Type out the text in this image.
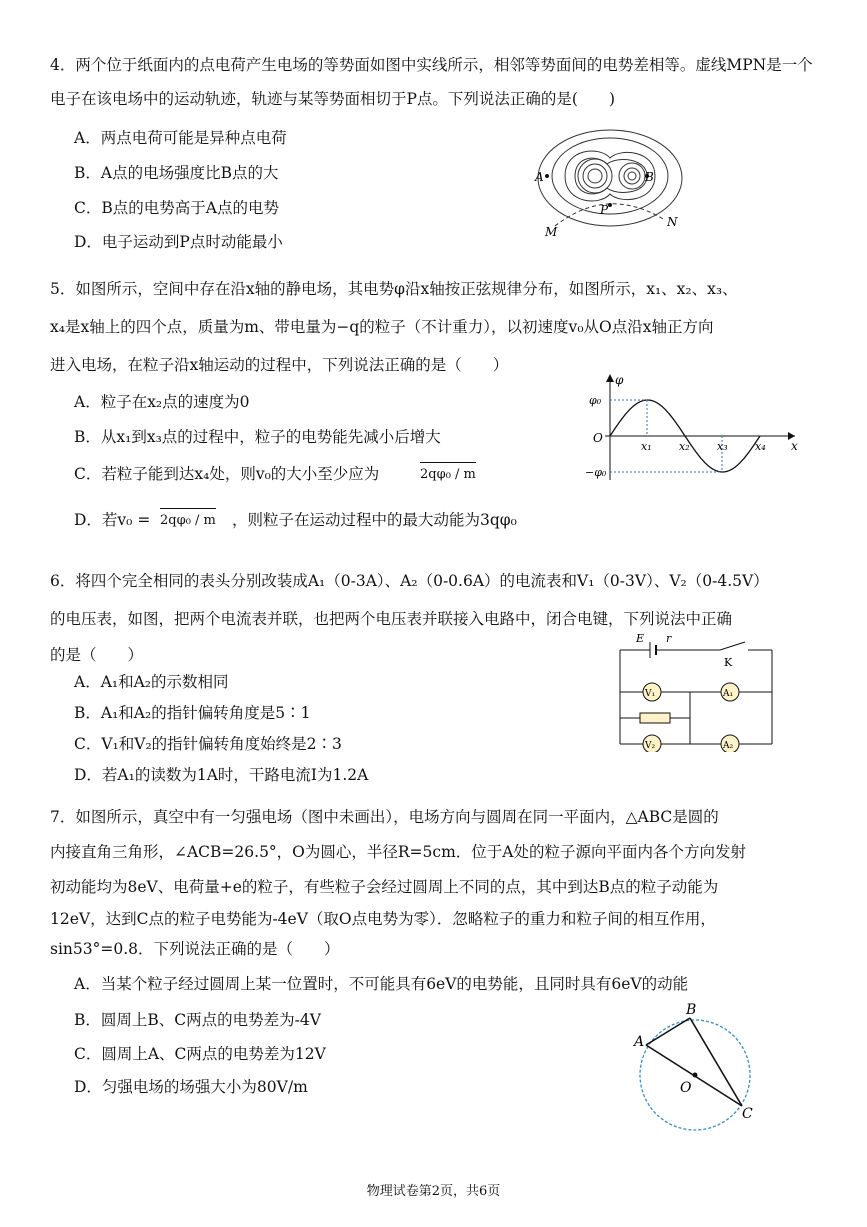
4．两个位于纸面内的点电荷产生电场的等势面如图中实线所示，相邻等势面间的电势差相等。虚线MPN是一个电子在该电场中的运动轨迹，轨迹与某等势面相切于P点。下列说法正确的是(　　)
A．两点电荷可能是异种点电荷
B．A点的电场强度比B点的大
C．B点的电势高于A点的电势
D．电子运动到P点时动能最小
A	B
P
M
N
5．如图所示，空间中存在沿x轴的静电场，其电势φ沿x轴按正弦规律分布，如图所示，x₁、x₂、x₃、
x₄是x轴上的四个点，质量为m、带电量为−q的粒子（不计重力），以初速度v₀从O点沿x轴正方向
进入电场，在粒子沿x轴运动的过程中，下列说法正确的是（　　）
A．粒子在x₂点的速度为0
B．从x₁到x₃点的过程中，粒子的电势能先减小后增大
C．若粒子能到达x₄处，则v₀的大小至少应为	2qφ₀ / m
D．若v₀ = 2qφ₀ / m ，则粒子在运动过程中的最大动能为3qφ₀
φ
φ₀
−φ₀
O
x
x₁ x₂ x₃ x₄
6．将四个完全相同的表头分别改装成A₁（0-3A）、A₂（0-0.6A）的电流表和V₁（0-3V）、V₂（0-4.5V）
的电压表，如图，把两个电流表并联，也把两个电压表并联接入电路中，闭合电键，下列说法中正确
的是（　　）
A．A₁和A₂的示数相同
B．A₁和A₂的指针偏转角度是5∶1
C．V₁和V₂的指针偏转角度始终是2∶3
D．若A₁的读数为1A时，干路电流I为1.2A
V₁
V₂
A₁
A₂
E r
K
7．如图所示，真空中有一匀强电场（图中未画出），电场方向与圆周在同一平面内，△ABC是圆的
内接直角三角形，∠ACB=26.5°，O为圆心，半径R=5cm．位于A处的粒子源向平面内各个方向发射
初动能均为8eV、电荷量+e的粒子，有些粒子会经过圆周上不同的点，其中到达B点的粒子动能为
12eV，达到C点的粒子电势能为-4eV（取O点电势为零）．忽略粒子的重力和粒子间的相互作用，
sin53°=0.8．下列说法正确的是（　　）
A．当某个粒子经过圆周上某一位置时，不可能具有6eV的电势能，且同时具有6eV的动能
B．圆周上B、C两点的电势差为-4V
C．圆周上A、C两点的电势差为12V
D．匀强电场的场强大小为80V/m
A
B
C
O
物理试卷第2页，共6页
